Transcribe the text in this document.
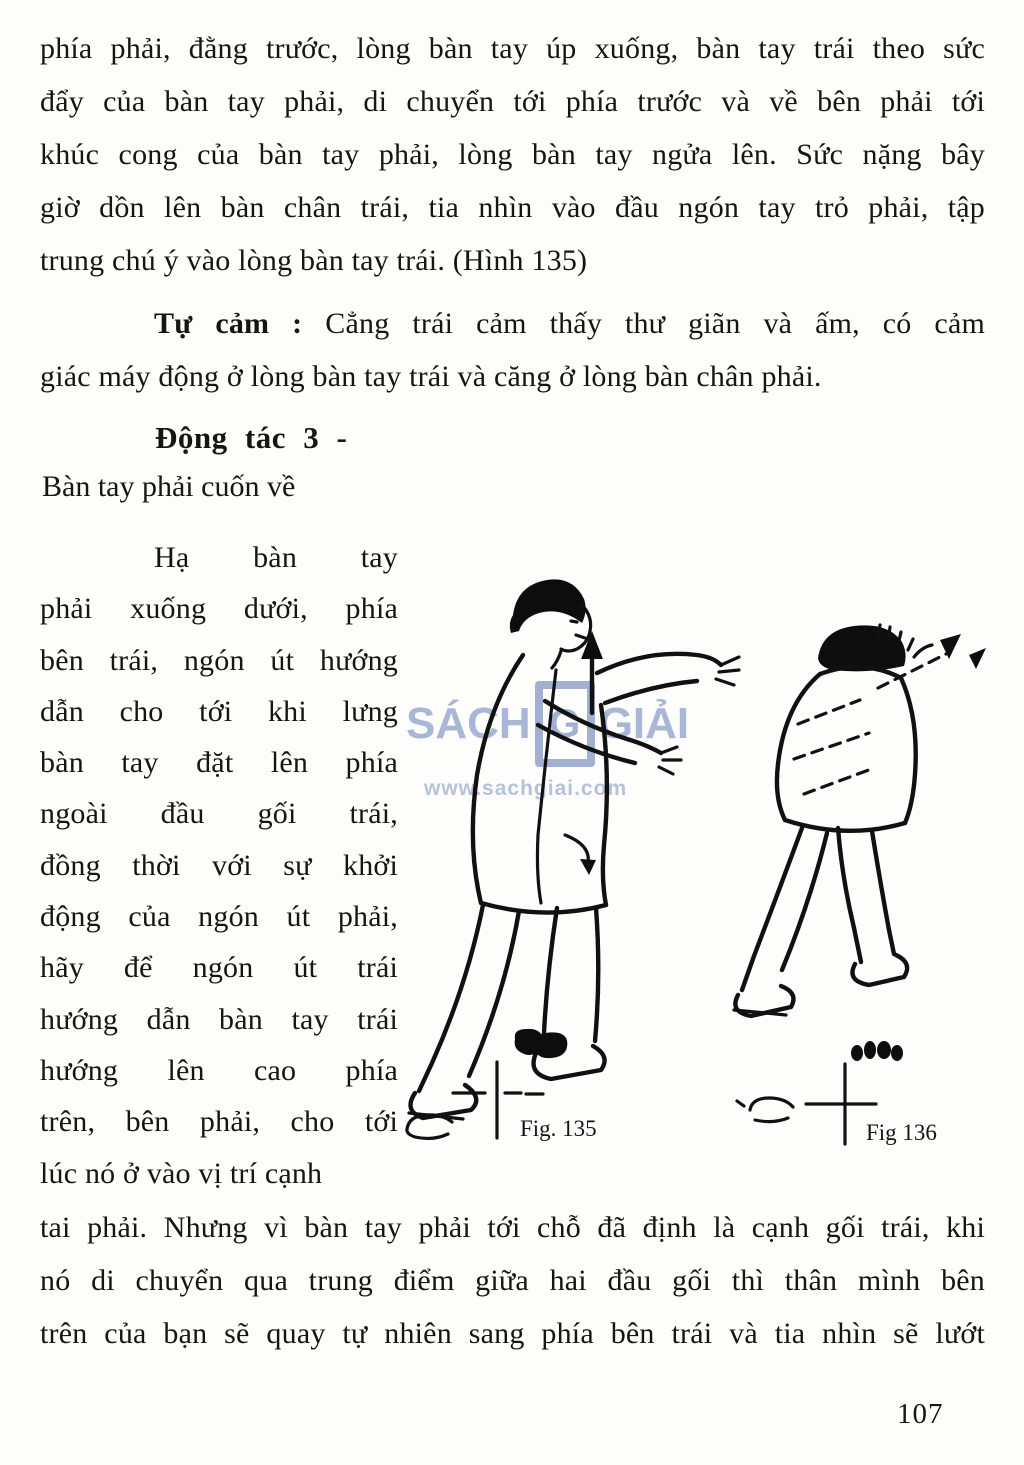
phía phải, đằng trước, lòng bàn tay úp xuống, bàn tay trái theo sức
đẩy của bàn tay phải, di chuyển tới phía trước và về bên phải tới
khúc cong của bàn tay phải, lòng bàn tay ngửa lên. Sức nặng bây
giờ dồn lên bàn chân trái, tia nhìn vào đầu ngón tay trỏ phải, tập
trung chú ý vào lòng bàn tay trái. (Hình 135)
Tự cảm : Cẳng trái cảm thấy thư giãn và ấm, có cảm
giác máy động ở lòng bàn tay trái và căng ở lòng bàn chân phải.
Động tác 3 -
Bàn tay phải cuốn về
Hạ bàn tay
phải xuống dưới, phía
bên trái, ngón út hướng
dẫn cho tới khi lưng
bàn tay đặt lên phía
ngoài đầu gối trái,
đồng thời với sự khởi
động của ngón út phải,
hãy để ngón út trái
hướng dẫn bàn tay trái
hướng lên cao phía
trên, bên phải, cho tới
lúc nó ở vào vị trí cạnh
tai phải. Nhưng vì bàn tay phải tới chỗ đã định là cạnh gối trái, khi
nó di chuyển qua trung điểm giữa hai đầu gối thì thân mình bên
trên của bạn sẽ quay tự nhiên sang phía bên trái và tia nhìn sẽ lướt
107
SÁCH G GIẢI
www.sachgiai.com
Fig. 135	Fig 136
